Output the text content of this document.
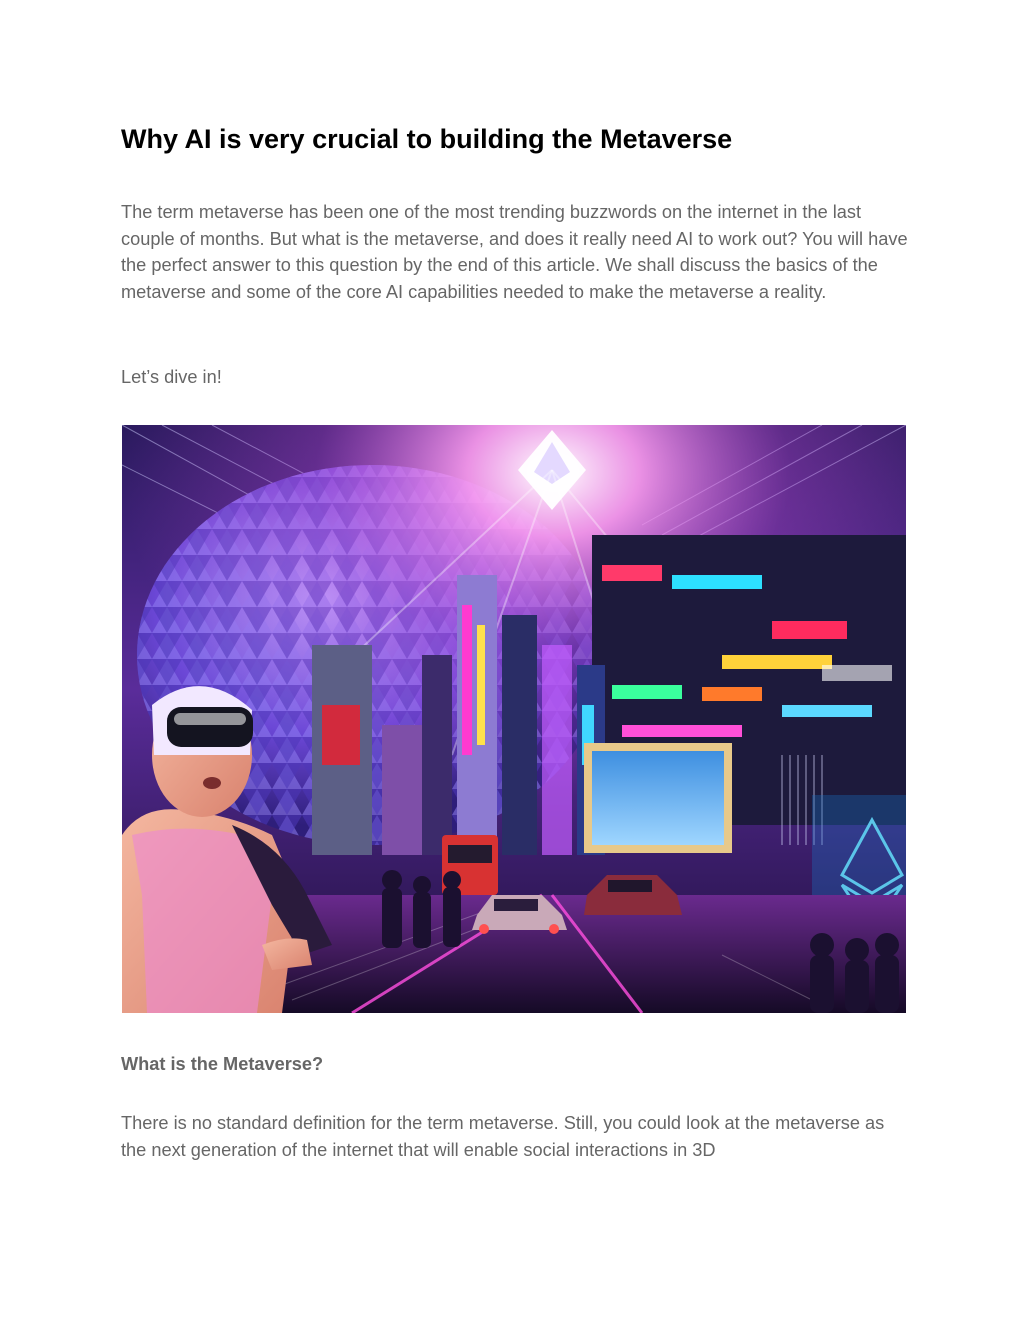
Why AI is very crucial to building the Metaverse

The term metaverse has been one of the most trending buzzwords on the internet in the last couple of months. But what is the metaverse, and does it really need AI to work out? You will have the perfect answer to this question by the end of this article. We shall discuss the basics of the metaverse and some of the core AI capabilities needed to make the metaverse a reality.

Let’s dive in!

What is the Metaverse?

There is no standard definition for the term metaverse. Still, you could look at the metaverse as the next generation of the internet that will enable social interactions in 3D
